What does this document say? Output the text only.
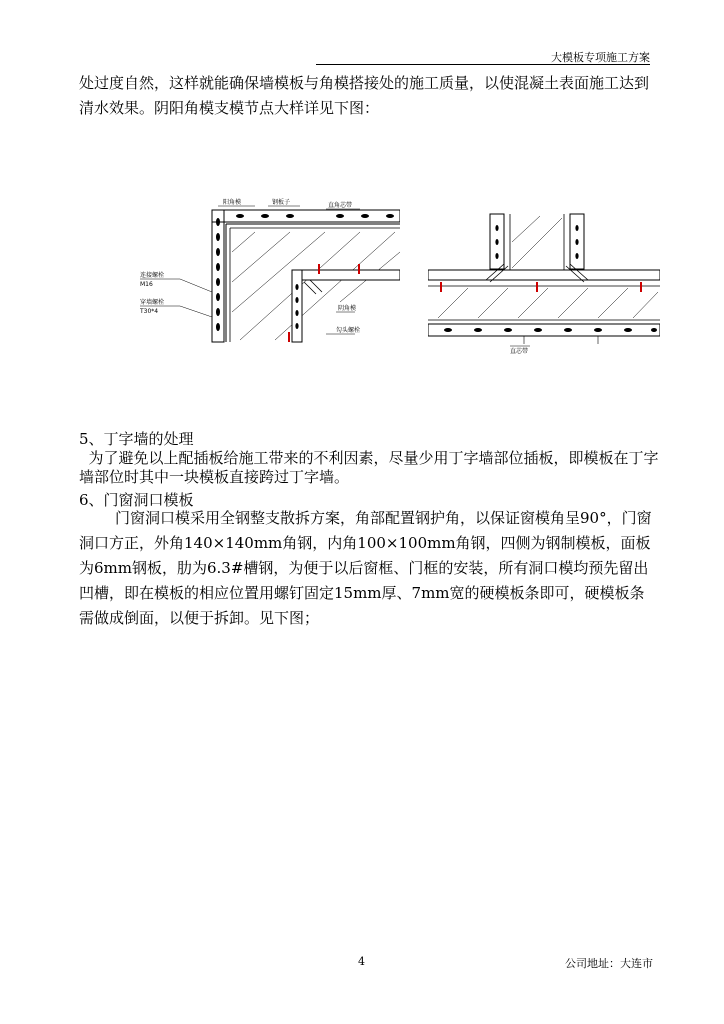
大模板专项施工方案
处过度自然，这样就能确保墙模板与角模搭接处的施工质量，以使混凝土表面施工达到清水效果。阴阳角模支模节点大样详见下图：
阳角模	钢板子	直角芯带
连接螺栓
M16
穿墙螺栓
T30*4	阴角模
勾头螺栓
直芯带
5、丁字墙的处理
为了避免以上配插板给施工带来的不利因素，尽量少用丁字墙部位插板，即模板在丁字墙部位时其中一块模板直接跨过丁字墙。
6、门窗洞口模板
门窗洞口模采用全钢整支散拆方案，角部配置钢护角，以保证窗模角呈90°，门窗洞口方正，外角140×140mm角钢，内角100×100mm角钢，四侧为钢制模板，面板为6mm钢板，肋为6.3#槽钢，为便于以后窗框、门框的安装，所有洞口模均预先留出凹槽，即在模板的相应位置用螺钉固定15mm厚、7mm宽的硬模板条即可，硬模板条需做成倒面，以便于拆卸。见下图；
4	公司地址：大连市
